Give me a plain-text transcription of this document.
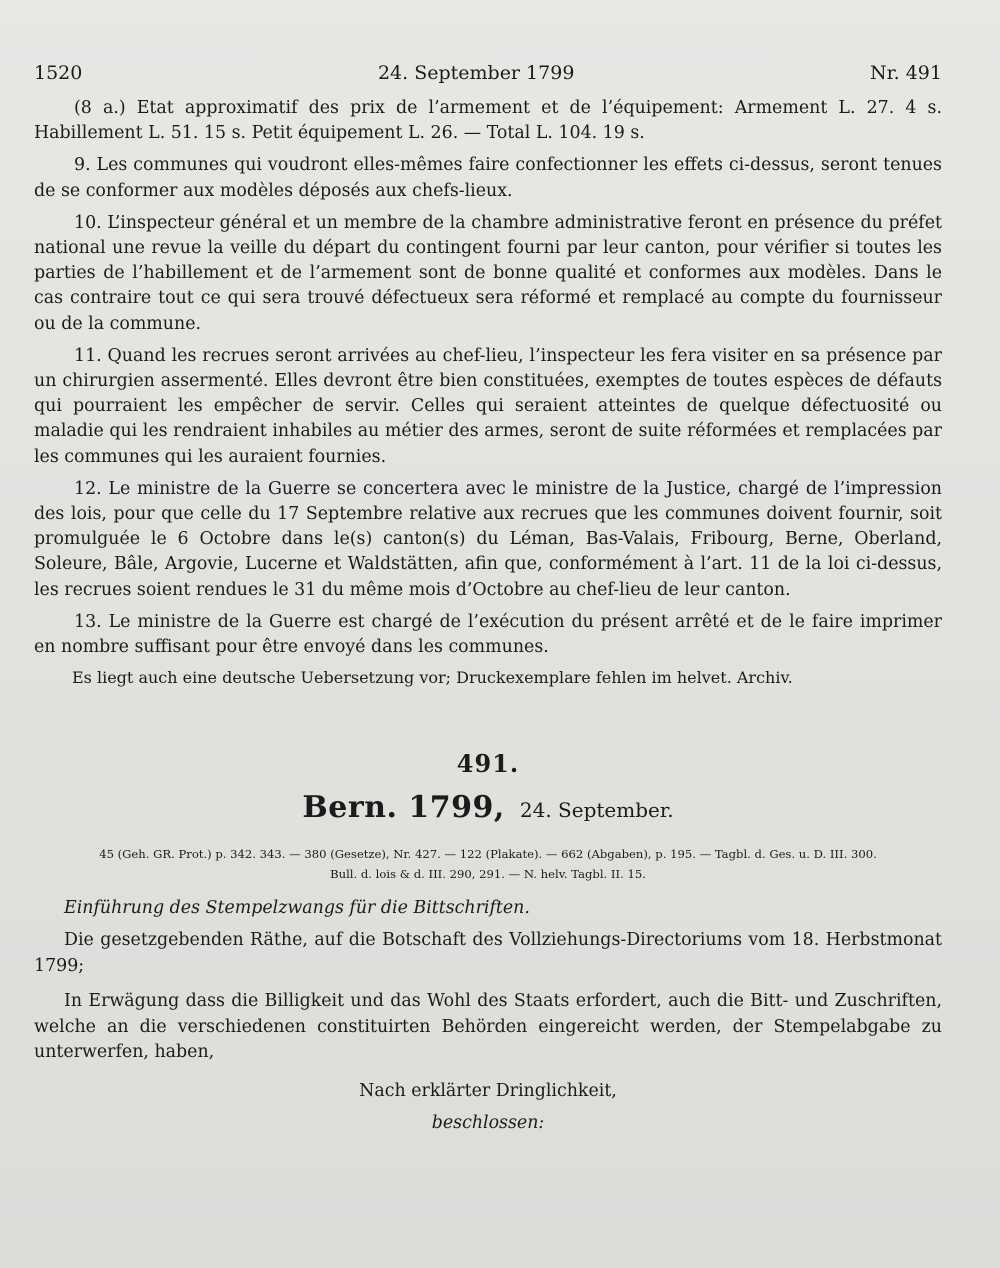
1520	24. September 1799	Nr. 491

(8 a.) Etat approximatif des prix de l’armement et de l’équipement: Armement L. 27. 4 s. Habillement L. 51. 15 s. Petit équipement L. 26. — Total L. 104. 19 s.

9. Les communes qui voudront elles-mêmes faire confectionner les effets ci-dessus, seront tenues de se conformer aux modèles déposés aux chefs-lieux.

10. L’inspecteur général et un membre de la chambre administrative feront en présence du préfet national une revue la veille du départ du contingent fourni par leur canton, pour vérifier si toutes les parties de l’habillement et de l’armement sont de bonne qualité et conformes aux modèles. Dans le cas contraire tout ce qui sera trouvé défectueux sera réformé et remplacé au compte du fournisseur ou de la commune.

11. Quand les recrues seront arrivées au chef-lieu, l’inspecteur les fera visiter en sa présence par un chirurgien assermenté. Elles devront être bien constituées, exemptes de toutes espèces de défauts qui pourraient les empêcher de servir. Celles qui seraient atteintes de quelque défectuosité ou maladie qui les rendraient inhabiles au métier des armes, seront de suite réformées et remplacées par les communes qui les auraient fournies.

12. Le ministre de la Guerre se concertera avec le ministre de la Justice, chargé de l’impression des lois, pour que celle du 17 Septembre relative aux recrues que les communes doivent fournir, soit promulguée le 6 Octobre dans le(s) canton(s) du Léman, Bas-Valais, Fribourg, Berne, Oberland, Soleure, Bâle, Argovie, Lucerne et Waldstätten, afin que, conformément à l’art. 11 de la loi ci-dessus, les recrues soient rendues le 31 du même mois d’Octobre au chef-lieu de leur canton.

13. Le ministre de la Guerre est chargé de l’exécution du présent arrêté et de le faire imprimer en nombre suffisant pour être envoyé dans les communes.

Es liegt auch eine deutsche Uebersetzung vor; Druckexemplare fehlen im helvet. Archiv.
491.
Bern. 1799, 24. September.
45 (Geh. GR. Prot.) p. 342. 343. — 380 (Gesetze), Nr. 427. — 122 (Plakate). — 662 (Abgaben), p. 195. — Tagbl. d. Ges. u. D. III. 300.
Bull. d. lois & d. III. 290, 291. — N. helv. Tagbl. II. 15.
Einführung des Stempelzwangs für die Bittschriften.

Die gesetzgebenden Räthe, auf die Botschaft des Vollziehungs-Directoriums vom 18. Herbstmonat 1799;

In Erwägung dass die Billigkeit und das Wohl des Staats erfordert, auch die Bitt- und Zuschriften, welche an die verschiedenen constituirten Behörden eingereicht werden, der Stempelabgabe zu unterwerfen, haben,

Nach erklärter Dringlichkeit,
beschlossen:
